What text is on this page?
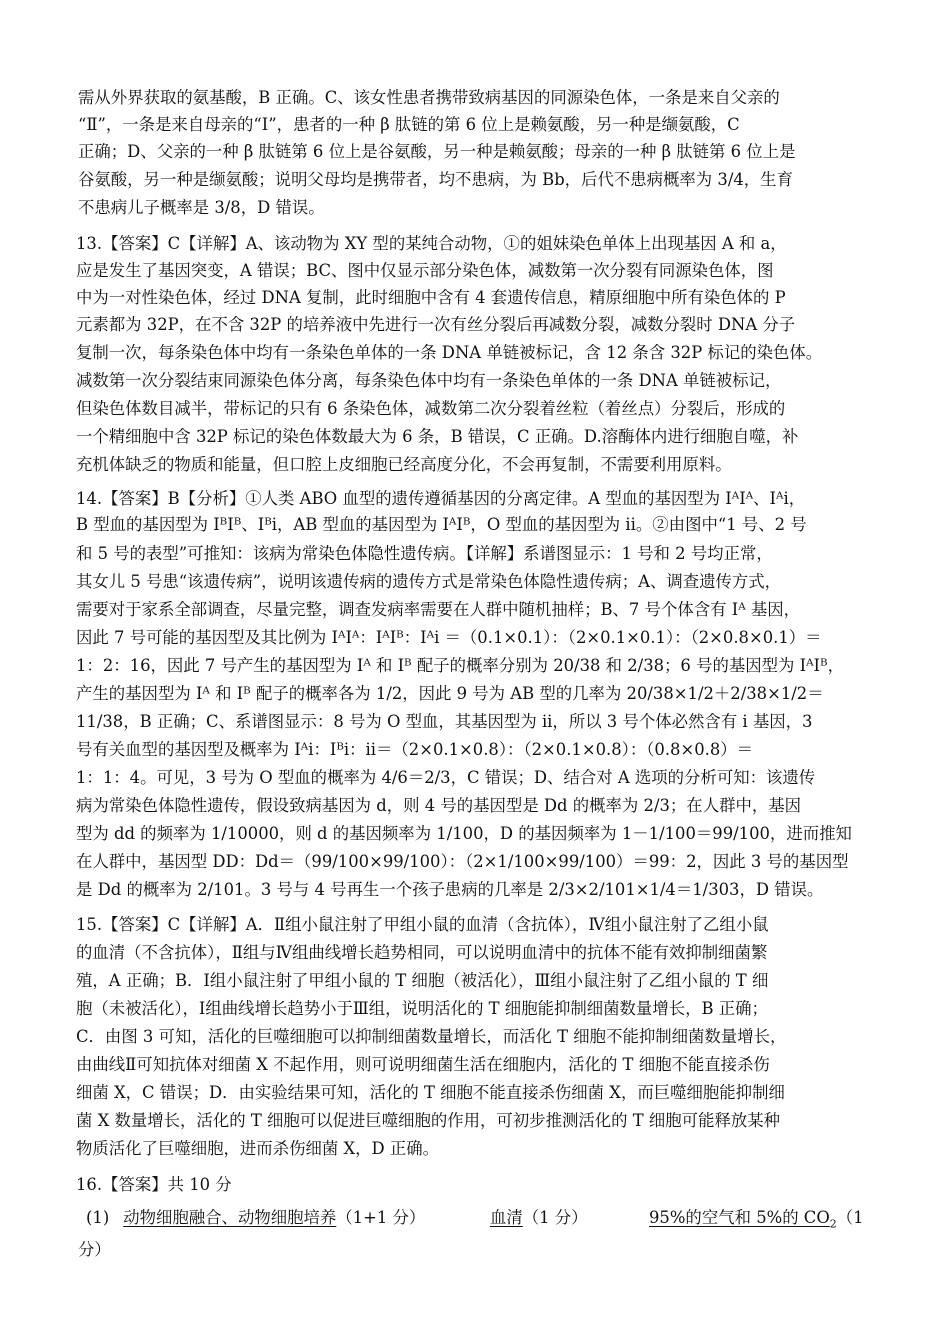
需从外界获取的氨基酸，B 正确。C、该女性患者携带致病基因的同源染色体，一条是来自父亲的
“Ⅱ”，一条是来自母亲的“Ⅰ”，患者的一种 β 肽链的第 6 位上是赖氨酸，另一种是缬氨酸，C
正确；D、父亲的一种 β 肽链第 6 位上是谷氨酸，另一种是赖氨酸；母亲的一种 β 肽链第 6 位上是
谷氨酸，另一种是缬氨酸；说明父母均是携带者，均不患病，为 Bb，后代不患病概率为 3/4，生育
不患病儿子概率是 3/8，D 错误。
13.【答案】C【详解】A、该动物为 XY 型的某纯合动物，①的姐妹染色单体上出现基因 A 和 a，
应是发生了基因突变，A 错误；BC、图中仅显示部分染色体，减数第一次分裂有同源染色体，图
中为一对性染色体，经过 DNA 复制，此时细胞中含有 4 套遗传信息，精原细胞中所有染色体的 P
元素都为 32P，在不含 32P 的培养液中先进行一次有丝分裂后再减数分裂，减数分裂时 DNA 分子
复制一次，每条染色体中均有一条染色单体的一条 DNA 单链被标记，含 12 条含 32P 标记的染色体。
减数第一次分裂结束同源染色体分离，每条染色体中均有一条染色单体的一条 DNA 单链被标记，
但染色体数目减半，带标记的只有 6 条染色体，减数第二次分裂着丝粒（着丝点）分裂后，形成的
一个精细胞中含 32P 标记的染色体数最大为 6 条，B 错误，C 正确。D.溶酶体内进行细胞自噬，补
充机体缺乏的物质和能量，但口腔上皮细胞已经高度分化，不会再复制，不需要利用原料。
14.【答案】B【分析】①人类 ABO 血型的遗传遵循基因的分离定律。A 型血的基因型为 IᴬIᴬ、Iᴬi，
B 型血的基因型为 IᴮIᴮ、Iᴮi，AB 型血的基因型为 IᴬIᴮ，O 型血的基因型为 ii。②由图中“1 号、2 号
和 5 号的表型”可推知：该病为常染色体隐性遗传病。【详解】系谱图显示：1 号和 2 号均正常，
其女儿 5 号患“该遗传病”，说明该遗传病的遗传方式是常染色体隐性遗传病；A、调查遗传方式，
需要对于家系全部调查，尽量完整，调查发病率需要在人群中随机抽样；B、7 号个体含有 Iᴬ 基因，
因此 7 号可能的基因型及其比例为 IᴬIᴬ：IᴬIᴮ：Iᴬi ＝（0.1×0.1）：（2×0.1×0.1）：（2×0.8×0.1）＝
1：2：16，因此 7 号产生的基因型为 Iᴬ 和 Iᴮ 配子的概率分别为 20/38 和 2/38；6 号的基因型为 IᴬIᴮ，
产生的基因型为 Iᴬ 和 Iᴮ 配子的概率各为 1/2，因此 9 号为 AB 型的几率为 20/38×1/2＋2/38×1/2＝
11/38，B 正确；C、系谱图显示：8 号为 O 型血，其基因型为 ii，所以 3 号个体必然含有 i 基因，3
号有关血型的基因型及概率为 Iᴬi：Iᴮi：ii＝（2×0.1×0.8）：（2×0.1×0.8）：（0.8×0.8）＝
1：1：4。可见，3 号为 O 型血的概率为 4/6＝2/3，C 错误；D、结合对 A 选项的分析可知：该遗传
病为常染色体隐性遗传，假设致病基因为 d，则 4 号的基因型是 Dd 的概率为 2/3；在人群中，基因
型为 dd 的频率为 1/10000，则 d 的基因频率为 1/100，D 的基因频率为 1－1/100＝99/100，进而推知
在人群中，基因型 DD：Dd＝（99/100×99/100）：（2×1/100×99/100）＝99：2，因此 3 号的基因型
是 Dd 的概率为 2/101。3 号与 4 号再生一个孩子患病的几率是 2/3×2/101×1/4＝1/303，D 错误。
15.【答案】C【详解】A．Ⅱ组小鼠注射了甲组小鼠的血清（含抗体），Ⅳ组小鼠注射了乙组小鼠
的血清（不含抗体），Ⅱ组与Ⅳ组曲线增长趋势相同，可以说明血清中的抗体不能有效抑制细菌繁
殖，A 正确；B．Ⅰ组小鼠注射了甲组小鼠的 T 细胞（被活化），Ⅲ组小鼠注射了乙组小鼠的 T 细
胞（未被活化），Ⅰ组曲线增长趋势小于Ⅲ组，说明活化的 T 细胞能抑制细菌数量增长，B 正确；
C．由图 3 可知，活化的巨噬细胞可以抑制细菌数量增长，而活化 T 细胞不能抑制细菌数量增长，
由曲线Ⅱ可知抗体对细菌 X 不起作用，则可说明细菌生活在细胞内，活化的 T 细胞不能直接杀伤
细菌 X，C 错误；D．由实验结果可知，活化的 T 细胞不能直接杀伤细菌 X，而巨噬细胞能抑制细
菌 X 数量增长，活化的 T 细胞可以促进巨噬细胞的作用，可初步推测活化的 T 细胞可能释放某种
物质活化了巨噬细胞，进而杀伤细菌 X，D 正确。
16.【答案】共 10 分
(1) 动物细胞融合、动物细胞培养（1+1 分）	血清（1 分）	95%的空气和 5%的 $CO_2(1$
分）
